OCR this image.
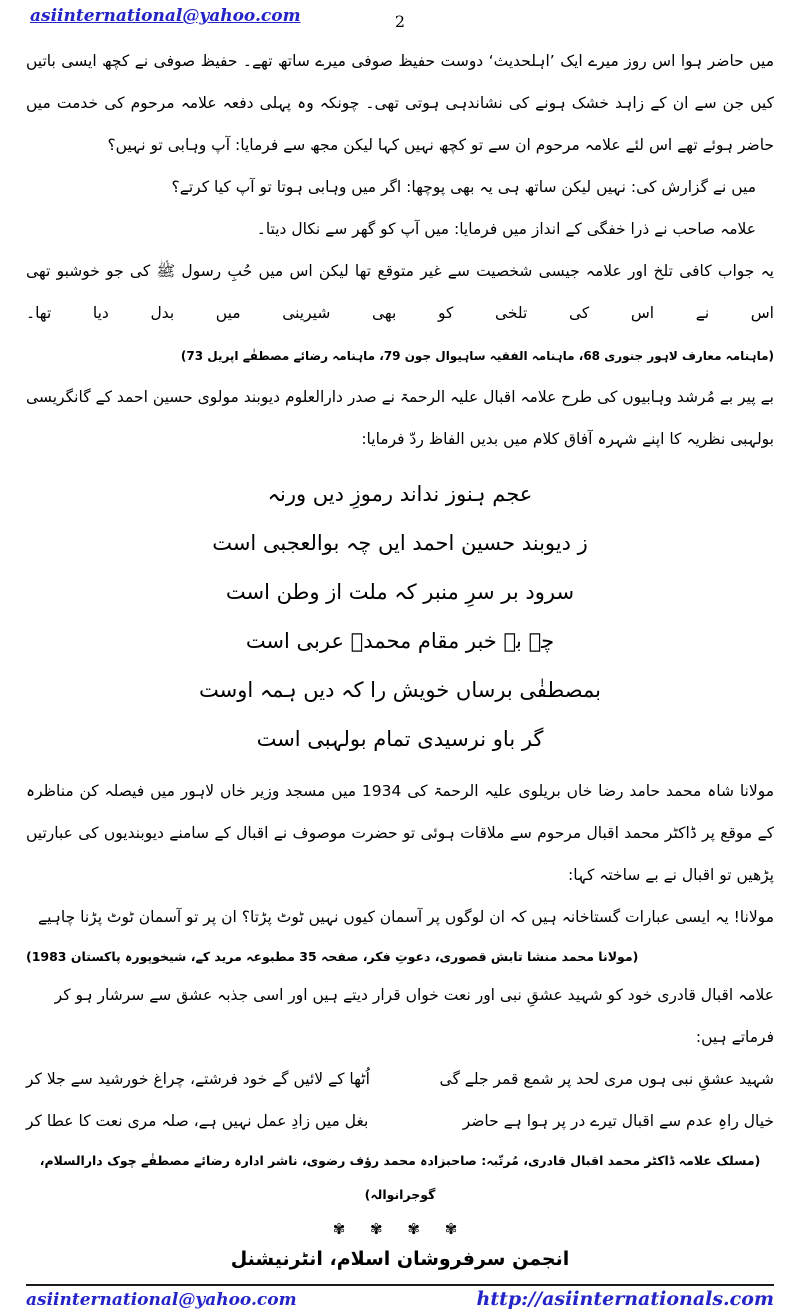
asiinternational@yahoo.com	2

میں حاضر ہوا اس روز میرے ایک ’اہلحدیث‘ دوست حفیظ صوفی میرے ساتھ تھے۔ حفیظ صوفی نے کچھ ایسی باتیں کیں جن سے ان کے زاہد خشک ہونے کی نشاندہی ہوتی تھی۔ چونکہ وہ پہلی دفعہ علامہ مرحوم کی خدمت میں حاضر ہوئے تھے اس لئے علامہ مرحوم ان سے تو کچھ نہیں کہا لیکن مجھ سے فرمایا: آپ وہابی تو نہیں؟

میں نے گزارش کی: نہیں لیکن ساتھ ہی یہ بھی پوچھا: اگر میں وہابی ہوتا تو آپ کیا کرتے؟

علامہ صاحب نے ذرا خفگی کے انداز میں فرمایا: میں آپ کو گھر سے نکال دیتا۔

یہ جواب کافی تلخ اور علامہ جیسی شخصیت سے غیر متوقع تھا لیکن اس میں حُبِ رسول ﷺ کی جو خوشبو تھی اس نے اس کی تلخی کو بھی شیرینی میں بدل دیا تھا۔ (ماہنامہ معارف لاہور جنوری 68، ماہنامہ الفقیہ ساہیوال جون 79، ماہنامہ رضائے مصطفٰے اپریل 73)

بے پیر بے مُرشد وہابیوں کی طرح علامہ اقبال علیہ الرحمۃ نے صدر دارالعلوم دیوبند مولوی حسین احمد کے گانگریسی بولہبی نظریہ کا اپنے شہرہ آفاق کلام میں بدیں الفاظ ردّ فرمایا:

عجم ہنوز نداند رموزِ دیں ورنہ
ز دیوبند حسین احمد ایں چہ بوالعجبی است
سرود بر سرِ منبر کہ ملت از وطن است
چہ بے خبر مقام محمدؐ عربی است
بمصطفٰی برساں خویش را کہ دیں ہمہ اوست
گر باو نرسیدی تمام بولہبی است

مولانا شاہ محمد حامد رضا خاں بریلوی علیہ الرحمۃ کی 1934 میں مسجد وزیر خاں لاہور میں فیصلہ کن مناظرہ کے موقع پر ڈاکٹر محمد اقبال مرحوم سے ملاقات ہوئی تو حضرت موصوف نے اقبال کے سامنے دیوبندیوں کی عبارتیں پڑھیں تو اقبال نے بے ساختہ کہا:

مولانا! یہ ایسی عبارات گستاخانہ ہیں کہ ان لوگوں پر آسمان کیوں نہیں ٹوٹ پڑتا؟ ان پر تو آسمان ٹوٹ پڑنا چاہیے

(مولانا محمد منشا تابش قصوری، دعوتِ فکر، صفحہ 35 مطبوعہ مرید کے، شیخوپورہ پاکستان 1983)

علامہ اقبال قادری خود کو شہید عشقِ نبی اور نعت خواں قرار دیتے ہیں اور اسی جذبہ عشق سے سرشار ہو کر فرماتے ہیں:

شہید عشقِ نبی ہوں مری لحد پر شمع قمر جلے گی
اُٹھا کے لائیں گے خود فرشتے، چراغ خورشید سے جلا کر
خیال راہِ عدم سے اقبال تیرے در پر ہوا ہے حاضر
بغل میں زادِ عمل نہیں ہے، صلہ مری نعت کا عطا کر

(مسلک علامہ ڈاکٹر محمد اقبال قادری، مُرتّبہ: صاحبزادہ محمد رؤف رضوی، ناشر ادارہ رضائے مصطفٰے چوک دارالسلام، گوجرانوالہ)

✾ ✾ ✾ ✾
انجمن سرفروشان اسلام، انٹرنیشنل
asiinternational@yahoo.com	http://asiinternationals.com
